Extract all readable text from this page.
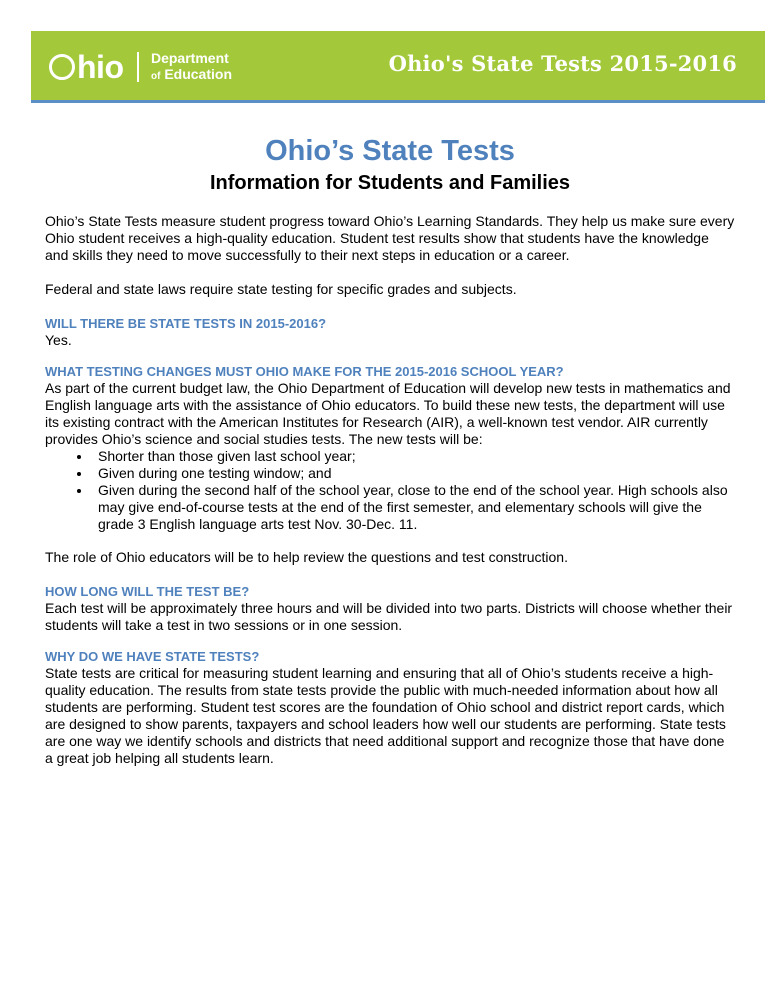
hio Department
of Education	Ohio's State Tests 2015-2016
Ohio’s State Tests
Information for Students and Families

Ohio’s State Tests measure student progress toward Ohio’s Learning Standards. They help us make sure every Ohio student receives a high-quality education. Student test results show that students have the knowledge and skills they need to move successfully to their next steps in education or a career.

Federal and state laws require state testing for specific grades and subjects.

WILL THERE BE STATE TESTS IN 2015-2016?

Yes.

WHAT TESTING CHANGES MUST OHIO MAKE FOR THE 2015-2016 SCHOOL YEAR?

As part of the current budget law, the Ohio Department of Education will develop new tests in mathematics and English language arts with the assistance of Ohio educators. To build these new tests, the department will use its existing contract with the American Institutes for Research (AIR), a well-known test vendor. AIR currently provides Ohio’s science and social studies tests. The new tests will be:

• Shorter than those given last school year;
• Given during one testing window; and
• Given during the second half of the school year, close to the end of the school year. High schools also may give end-of-course tests at the end of the first semester, and elementary schools will give the grade 3 English language arts test Nov. 30-Dec. 11.

The role of Ohio educators will be to help review the questions and test construction.

HOW LONG WILL THE TEST BE?

Each test will be approximately three hours and will be divided into two parts. Districts will choose whether their students will take a test in two sessions or in one session.

WHY DO WE HAVE STATE TESTS?

State tests are critical for measuring student learning and ensuring that all of Ohio’s students receive a high-quality education. The results from state tests provide the public with much-needed information about how all students are performing. Student test scores are the foundation of Ohio school and district report cards, which are designed to show parents, taxpayers and school leaders how well our students are performing. State tests are one way we identify schools and districts that need additional support and recognize those that have done a great job helping all students learn.
